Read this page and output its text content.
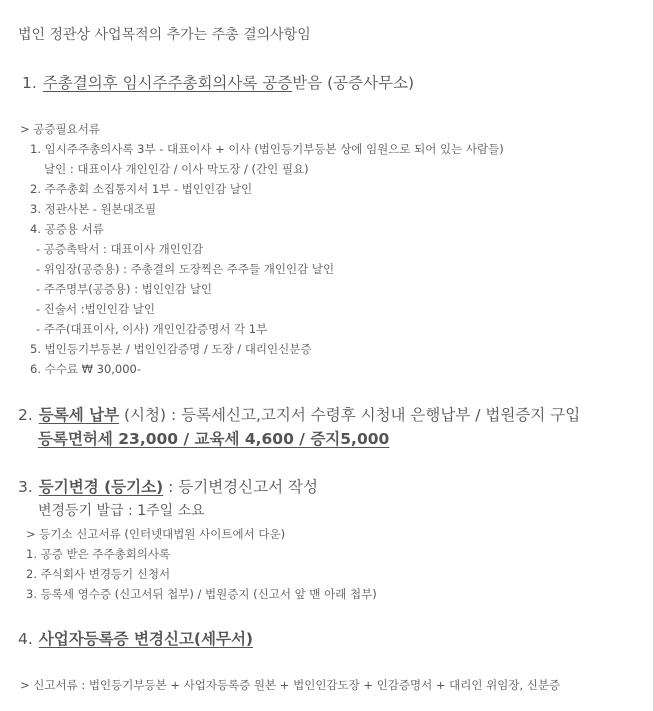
법인 정관상 사업목적의 추가는 주총 결의사항임
1. 주총결의후 임시주주총회의사록 공증받음 (공증사무소)
> 공증필요서류
1. 임시주주총의사록 3부 - 대표이사 + 이사 (법인등기부등본 상에 임원으로 되어 있는 사람들)
날인 : 대표이사 개인인감 / 이사 막도장 / (간인 필요)
2. 주주총회 소집통지서 1부 - 법인인감 날인
3. 정관사본 - 원본대조필
4. 공증용 서류
- 공증촉탁서 : 대표이사 개인인감
- 위임장(공증용) : 주총결의 도장찍은 주주들 개인인감 날인
- 주주명부(공증용) : 법인인감 날인
- 진술서 :법인인감 날인
- 주주(대표이사, 이사) 개인인감증명서 각 1부
5. 법인등기부등본 / 법인인감증명 / 도장 / 대리인신분증
6. 수수료 ₩ 30,000-
2. 등록세 납부 (시청) : 등록세신고,고지서 수령후 시청내 은행납부 / 법원증지 구입
등록면허세 23,000 / 교육세 4,600 / 증지5,000
3. 등기변경 (등기소) : 등기변경신고서 작성
변경등기 발급 : 1주일 소요
> 등기소 신고서류 (인터넷대법원 사이트에서 다운)
1. 공증 받은 주주총회의사록
2. 주식회사 변경등기 신청서
3. 등록세 영수증 (신고서뒤 첩부) / 법원증지 (신고서 앞 맨 아래 첩부)
4. 사업자등록증 변경신고(세무서)
> 신고서류 : 법인등기부등본 + 사업자등록증 원본 + 법인인감도장 + 인감증명서 + 대리인 위임장, 신분증
